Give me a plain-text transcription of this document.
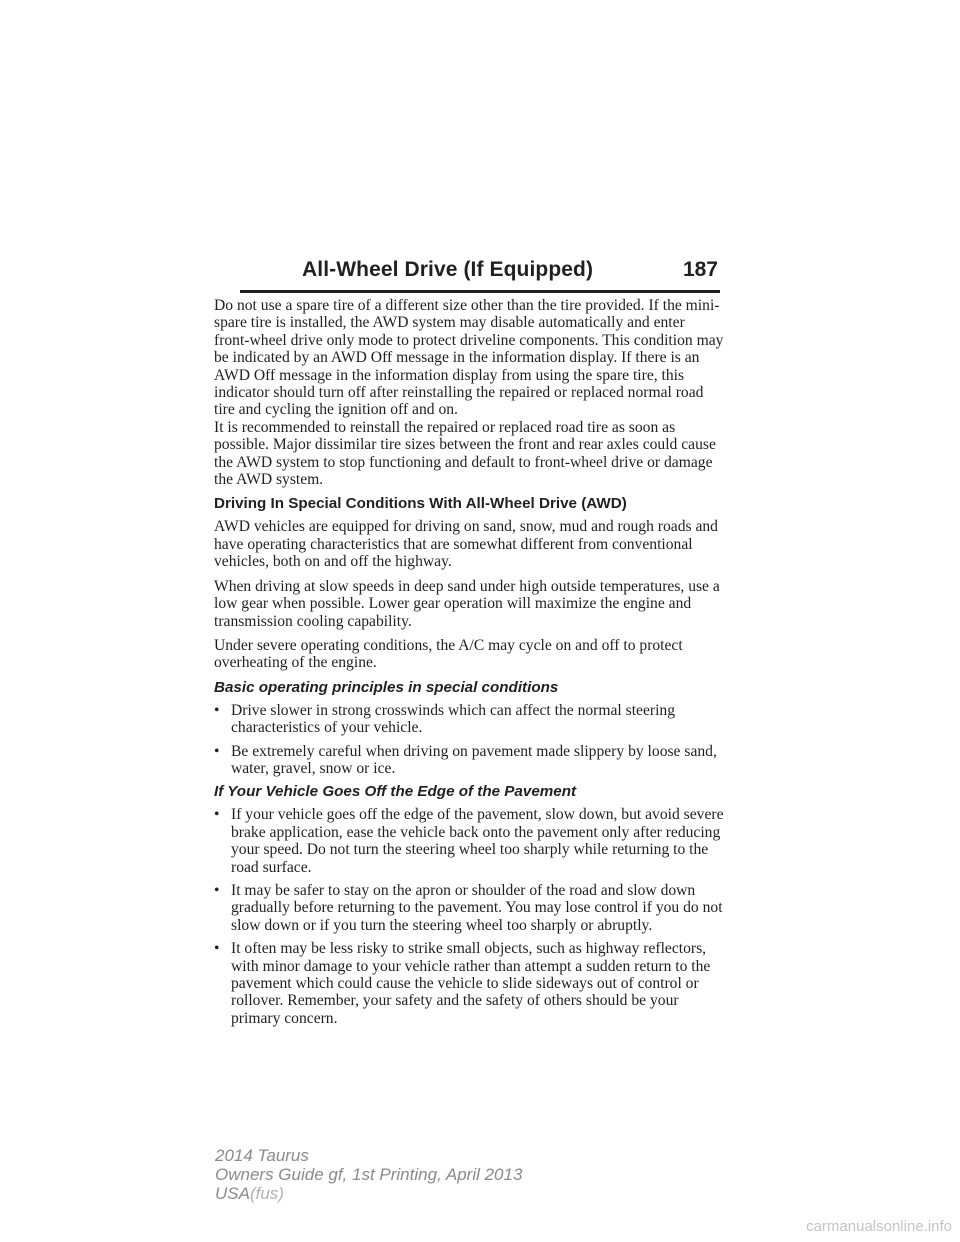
All-Wheel Drive (If Equipped)	187

Do not use a spare tire of a different size other than the tire provided. If the mini-spare tire is installed, the AWD system may disable automatically and enter front-wheel drive only mode to protect driveline components. This condition may be indicated by an AWD Off message in the information display. If there is an AWD Off message in the information display from using the spare tire, this indicator should turn off after reinstalling the repaired or replaced normal road tire and cycling the ignition off and on.

It is recommended to reinstall the repaired or replaced road tire as soon as possible. Major dissimilar tire sizes between the front and rear axles could cause the AWD system to stop functioning and default to front-wheel drive or damage the AWD system.

Driving In Special Conditions With All-Wheel Drive (AWD)

AWD vehicles are equipped for driving on sand, snow, mud and rough roads and have operating characteristics that are somewhat different from conventional vehicles, both on and off the highway.

When driving at slow speeds in deep sand under high outside temperatures, use a low gear when possible. Lower gear operation will maximize the engine and transmission cooling capability.

Under severe operating conditions, the A/C may cycle on and off to protect overheating of the engine.

Basic operating principles in special conditions
• Drive slower in strong crosswinds which can affect the normal steering characteristics of your vehicle.
• Be extremely careful when driving on pavement made slippery by loose sand, water, gravel, snow or ice.
If Your Vehicle Goes Off the Edge of the Pavement
• If your vehicle goes off the edge of the pavement, slow down, but avoid severe brake application, ease the vehicle back onto the pavement only after reducing your speed. Do not turn the steering wheel too sharply while returning to the road surface.
• It may be safer to stay on the apron or shoulder of the road and slow down gradually before returning to the pavement. You may lose control if you do not slow down or if you turn the steering wheel too sharply or abruptly.
• It often may be less risky to strike small objects, such as highway reflectors, with minor damage to your vehicle rather than attempt a sudden return to the pavement which could cause the vehicle to slide sideways out of control or rollover. Remember, your safety and the safety of others should be your primary concern.
2014 Taurus
Owners Guide gf, 1st Printing, April 2013
USA(fus)
carmanualsonline.info
